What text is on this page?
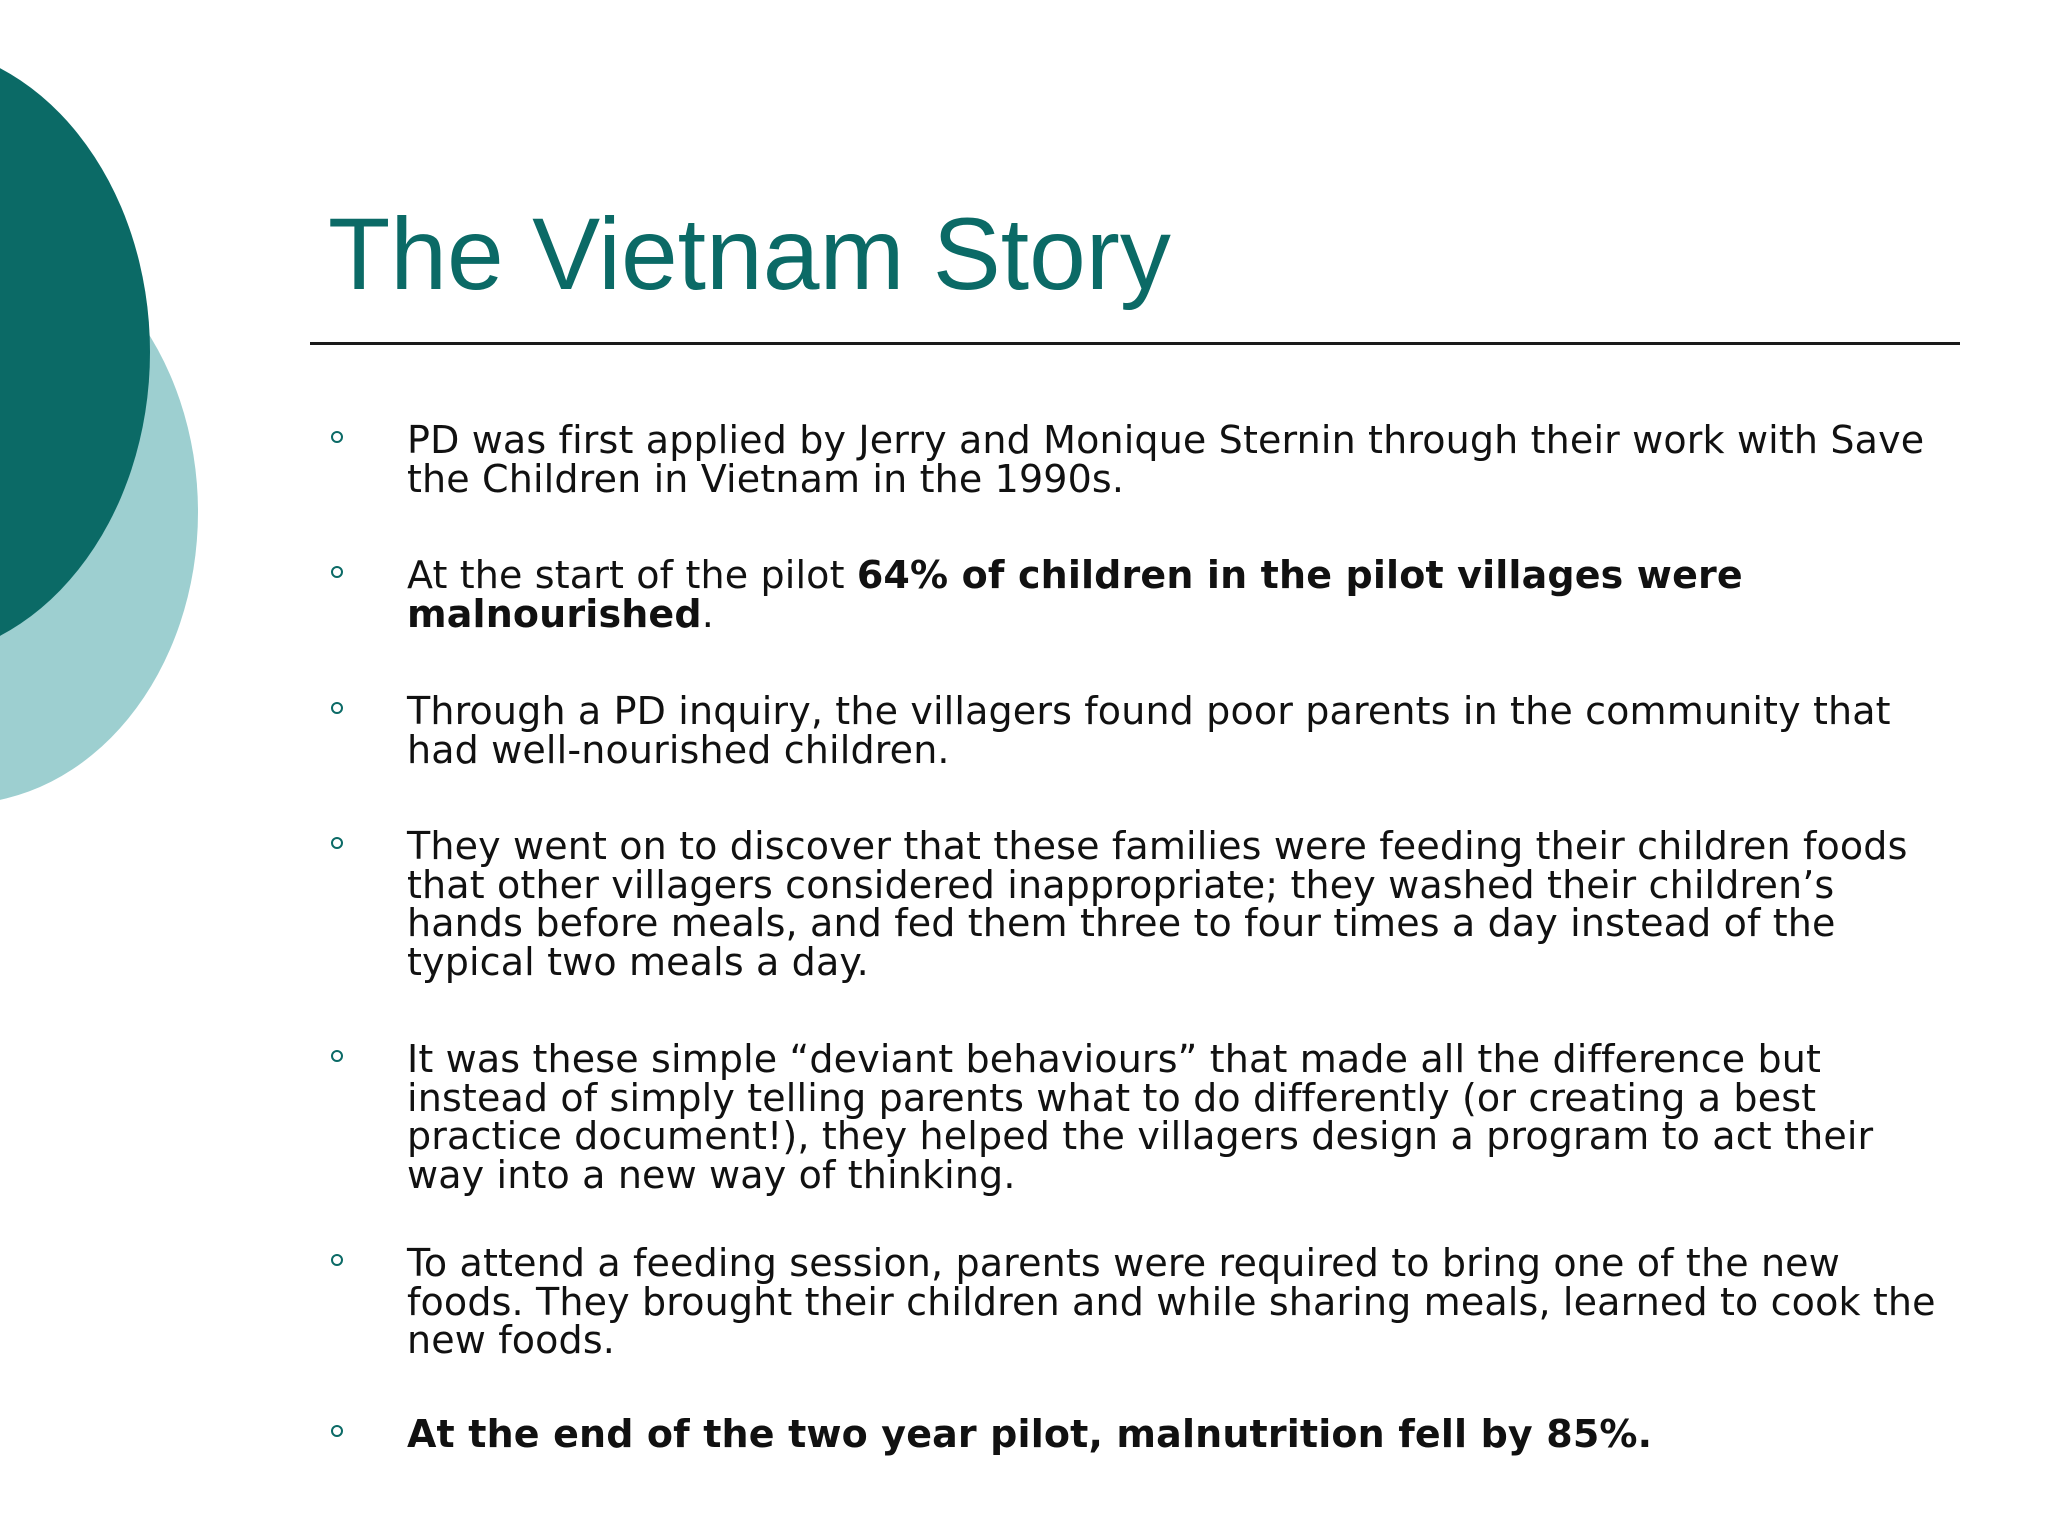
The Vietnam Story
PD was first applied by Jerry and Monique Sternin through their work with Save the Children in Vietnam in the 1990s.
At the start of the pilot 64% of children in the pilot villages were malnourished.
Through a PD inquiry, the villagers found poor parents in the community that had well-nourished children.
They went on to discover that these families were feeding their children foods that other villagers considered inappropriate; they washed their children’s hands before meals, and fed them three to four times a day instead of the typical two meals a day.
It was these simple “deviant behaviours” that made all the difference but instead of simply telling parents what to do differently (or creating a best practice document!), they helped the villagers design a program to act their way into a new way of thinking.
To attend a feeding session, parents were required to bring one of the new foods. They brought their children and while sharing meals, learned to cook the new foods.
At the end of the two year pilot, malnutrition fell by 85%.
